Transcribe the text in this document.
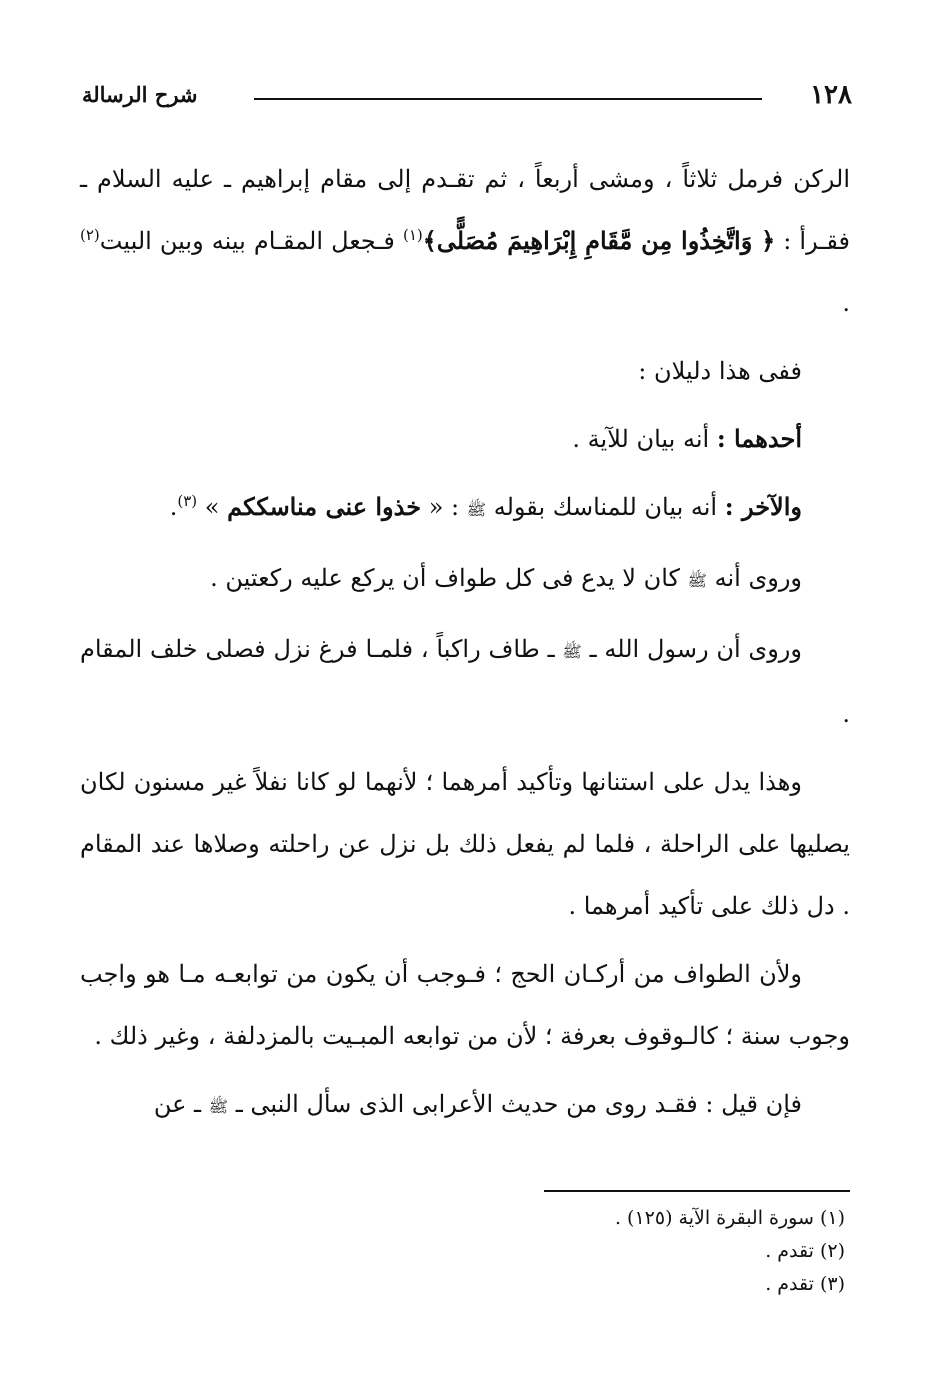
١٢٨
شرح الرسالة

الركن فرمل ثلاثاً ، ومشى أربعاً ، ثم تقـدم إلى مقام إبراهيم ـ عليه السلام ـ فقـرأ : ﴿ وَاتَّخِذُوا مِن مَّقَامِ إِبْرَاهِيمَ مُصَلًّى﴾$^{(١)}$ فـجعل المقـام بينه وبين البيت$^{(٢)}$ .

ففى هذا دليلان :

أحدهما : أنه بيان للآية .

والآخر : أنه بيان للمناسك بقوله ﷺ : « خذوا عنى مناسككم » $^{(٣)}$.

وروى أنه ﷺ كان لا يدع فى كل طواف أن يركع عليه ركعتين .

وروى أن رسول الله ـ ﷺ ـ طاف راكباً ، فلمـا فرغ نزل فصلى خلف المقام .

وهذا يدل على استنانها وتأكيد أمرهما ؛ لأنهما لو كانا نفلاً غير مسنون لكان يصليها على الراحلة ، فلما لم يفعل ذلك بل نزل عن راحلته وصلاها عند المقام . دل ذلك على تأكيد أمرهما .

ولأن الطواف من أركـان الحج ؛ فـوجب أن يكون من توابعـه مـا هو واجب وجوب سنة ؛ كالـوقوف بعرفة ؛ لأن من توابعه المبـيت بالمزدلفة ، وغير ذلك .

فإن قيل : فقـد روى من حديث الأعرابى الذى سأل النبى ـ ﷺ ـ عن

(١) سورة البقرة الآية (١٢٥) .
(٢) تقدم .
(٣) تقدم .
